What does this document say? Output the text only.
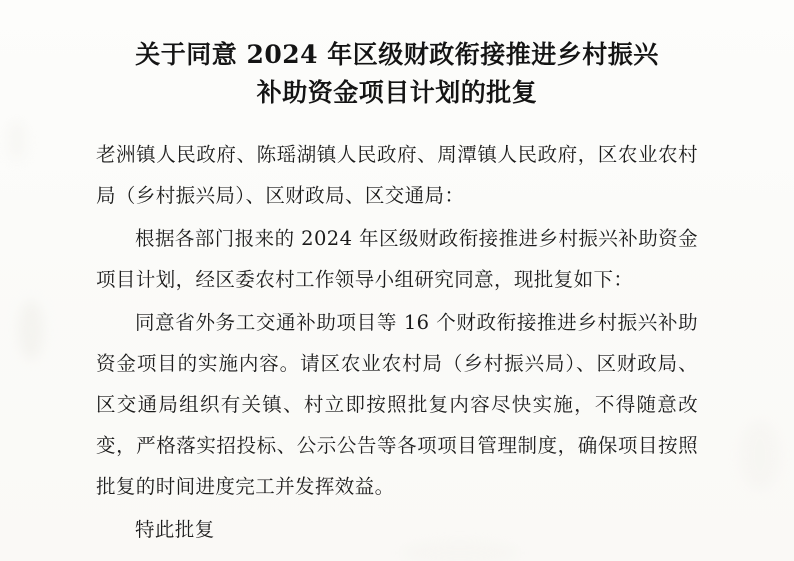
关于同意 2024 年区级财政衔接推进乡村振兴
补助资金项目计划的批复

老洲镇人民政府、陈瑶湖镇人民政府、周潭镇人民政府，区农业农村局（乡村振兴局）、区财政局、区交通局：

根据各部门报来的 2024 年区级财政衔接推进乡村振兴补助资金项目计划，经区委农村工作领导小组研究同意，现批复如下：

同意省外务工交通补助项目等 16 个财政衔接推进乡村振兴补助资金项目的实施内容。请区农业农村局（乡村振兴局）、区财政局、区交通局组织有关镇、村立即按照批复内容尽快实施，不得随意改变，严格落实招投标、公示公告等各项项目管理制度，确保项目按照批复的时间进度完工并发挥效益。

特此批复
